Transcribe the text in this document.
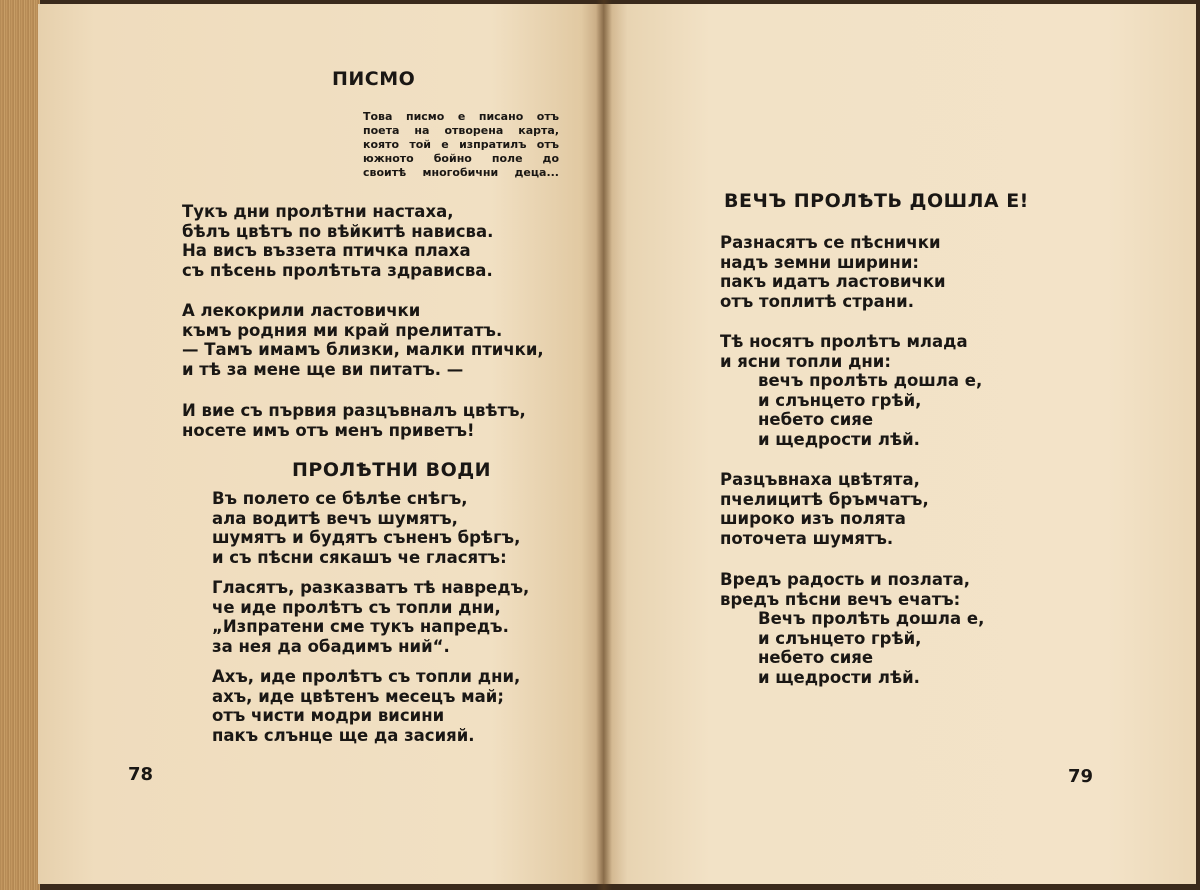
ПИСМО
Това писмо е писано отъ
поета на отворена карта,
която той е изпратилъ отъ
южното бойно поле до
своитѣ многобични деца...
Тукъ дни пролѣтни настаха,
бѣлъ цвѣтъ по вѣйкитѣ нависва.
На висъ въззета птичка плаха
съ пѣсень пролѣтьта здрависва.
А лекокрили ластовички
къмъ родния ми край прелитатъ.
— Тамъ имамъ близки, малки птички,
и тѣ за мене ще ви питатъ. —
И вие съ първия разцъвналъ цвѣтъ,
носете имъ отъ менъ приветъ!
ПРОЛѢТНИ ВОДИ
Въ полето се бѣлѣе снѣгъ,
ала водитѣ вечъ шумятъ,
шумятъ и будятъ съненъ брѣгъ,
и съ пѣсни сякашъ че гласятъ:
Гласятъ, разказватъ тѣ навредъ,
че иде пролѣтъ съ топли дни,
„Изпратени сме тукъ напредъ.
за нея да обадимъ ний“.
Ахъ, иде пролѣтъ съ топли дни,
ахъ, иде цвѣтенъ месецъ май;
отъ чисти модри висини
пакъ слънце ще да засияй.
78
ВЕЧЪ ПРОЛѢТЬ ДОШЛА Е!
Разнасятъ се пѣснички
надъ земни ширини:
пакъ идатъ ластовички
отъ топлитѣ страни.
Тѣ носятъ пролѣтъ млада
и ясни топли дни:
вечъ пролѣть дошла е,
и слънцето грѣй,
небето сияе
и щедрости лѣй.
Разцъвнаха цвѣтята,
пчелицитѣ бръмчатъ,
широко изъ полята
поточета шумятъ.
Вредъ радость и позлата,
вредъ пѣсни вечъ ечатъ:
Вечъ пролѣть дошла е,
и слънцето грѣй,
небето сияе
и щедрости лѣй.
79
